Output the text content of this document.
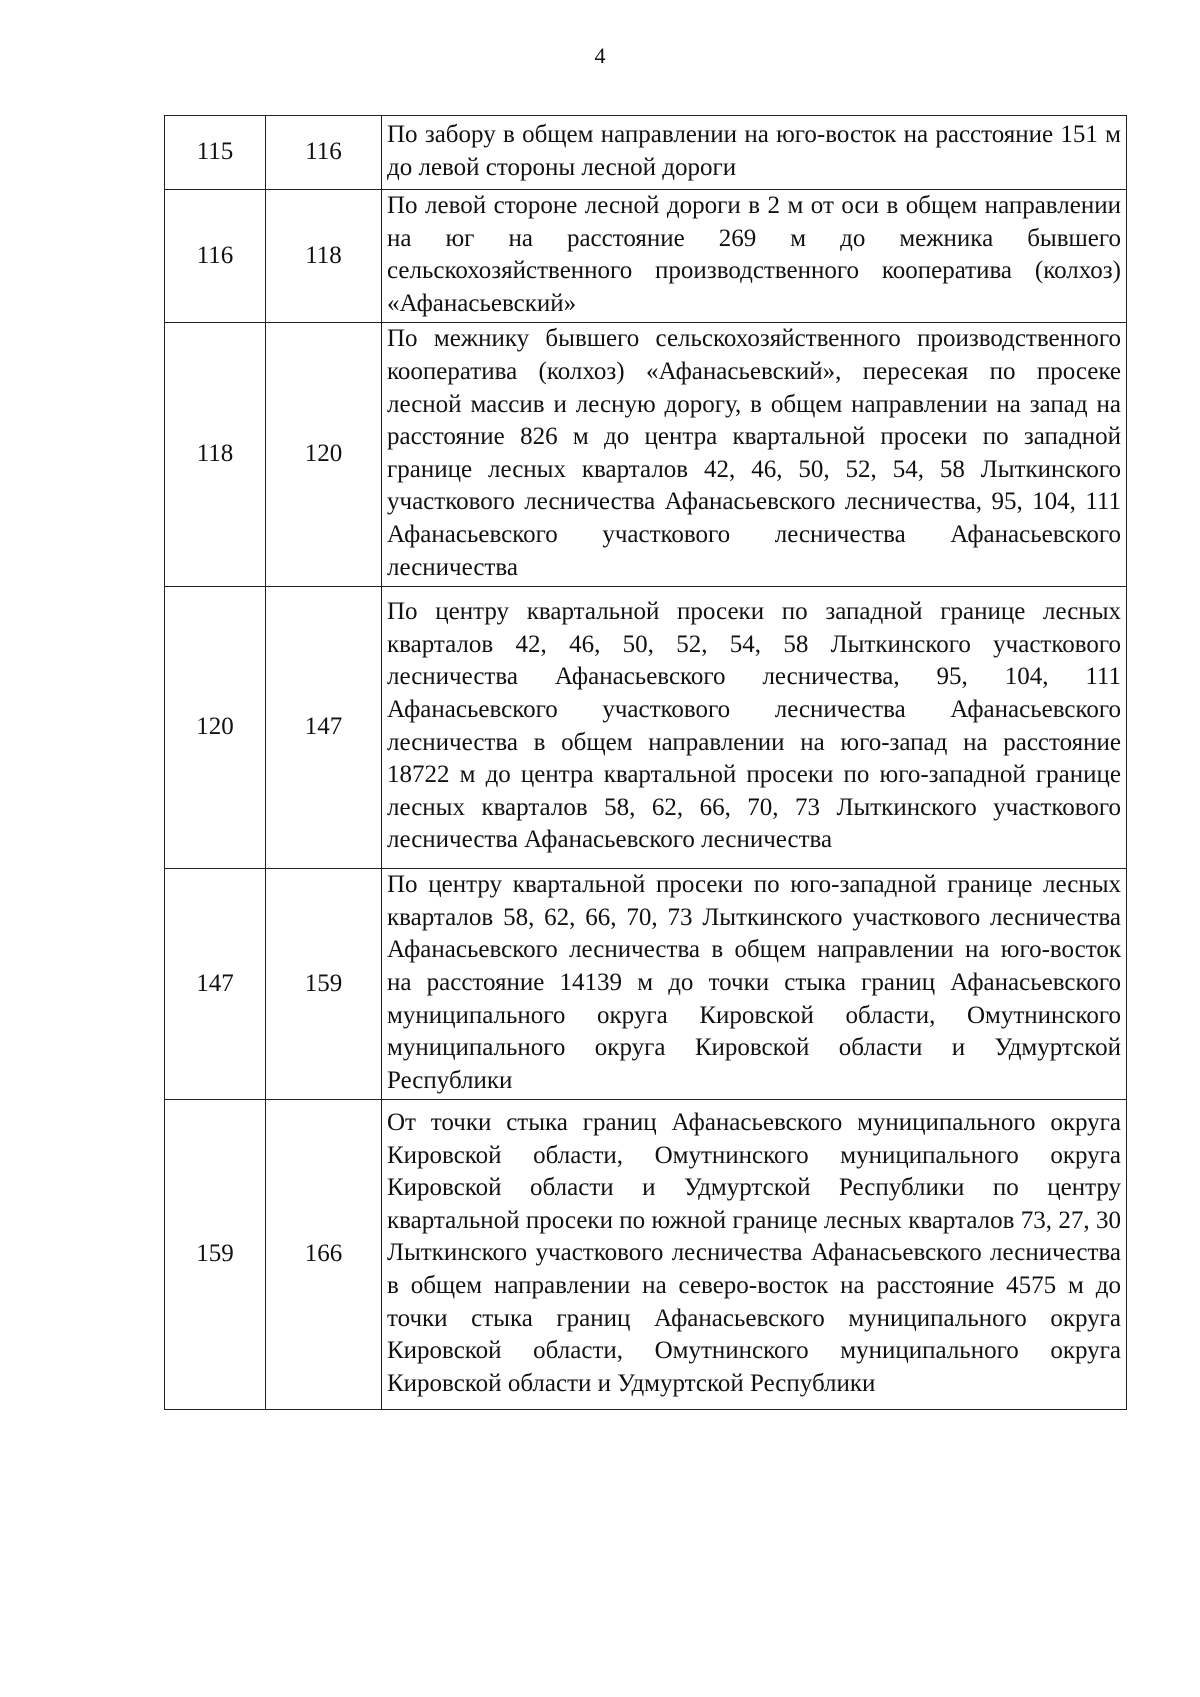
4
115	116	По забору в общем направлении на юго-восток на расстояние 151 м до левой стороны лесной дороги
116	118	По левой стороне лесной дороги в 2 м от оси в общем направлении на юг на расстояние 269 м до межника бывшего сельскохозяйственного производственного кооператива (колхоз) «Афанасьевский»
118	120	По межнику бывшего сельскохозяйственного производственного кооператива (колхоз) «Афанасьевский», пересекая по просеке лесной массив и лесную дорогу, в общем направлении на запад на расстояние 826 м до центра квартальной просеки по западной границе лесных кварталов 42, 46, 50, 52, 54, 58 Лыткинского участкового лесничества Афанасьевского лесничества, 95, 104, 111 Афанасьевского участкового лесничества Афанасьевского лесничества
120	147	По центру квартальной просеки по западной границе лесных кварталов 42, 46, 50, 52, 54, 58 Лыткинского участкового лесничества Афанасьевского лесничества, 95, 104, 111 Афанасьевского участкового лесничества Афанасьевского лесничества в общем направлении на юго-запад на расстояние 18722 м до центра квартальной просеки по юго-западной границе лесных кварталов 58, 62, 66, 70, 73 Лыткинского участкового лесничества Афанасьевского лесничества
147	159	По центру квартальной просеки по юго-западной границе лесных кварталов 58, 62, 66, 70, 73 Лыткинского участкового лесничества Афанасьевского лесничества в общем направлении на юго-восток на расстояние 14139 м до точки стыка границ Афанасьевского муниципального округа Кировской области, Омутнинского муниципального округа Кировской области и Удмуртской Республики
159	166	От точки стыка границ Афанасьевского муниципального округа Кировской области, Омутнинского муниципального округа Кировской области и Удмуртской Республики по центру квартальной просеки по южной границе лесных кварталов 73, 27, 30 Лыткинского участкового лесничества Афанасьевского лесничества в общем направлении на северо-восток на расстояние 4575 м до точки стыка границ Афанасьевского муниципального округа Кировской области, Омутнинского муниципального округа Кировской области и Удмуртской Республики
